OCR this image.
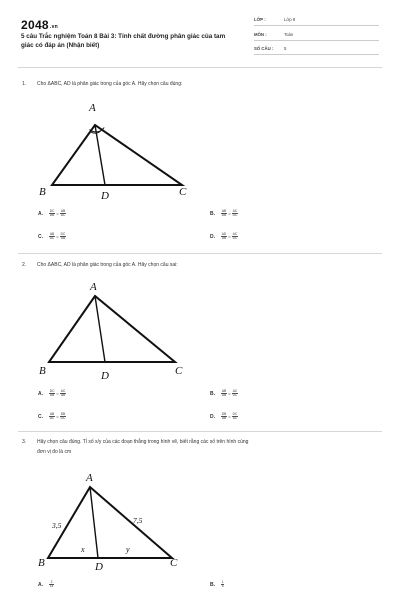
2048.vn
5 câu Trắc nghiệm Toán 8 Bài 3: Tính chất đường phân giác của tam giác có đáp án (Nhận biết)
LỚP :	Lớp 8
MÔN :	Toán
SỐ CÂU : 5
1. Cho ΔABC, AD là phân giác trong của góc A. Hãy chọn câu đúng:
A
B	C
D
A. $\frac{DC}{DB} = \frac{AB}{AC}$	B. $\frac{AB}{DB} = \frac{AC}{DC}$
C. $\frac{AB}{AC} = \frac{DC}{DB}$	D. $\frac{AD}{DB} = \frac{AC}{DC}$
2. Cho ΔABC, AD là phân giác trong của góc A. Hãy chọn câu sai:
A
B	C
D
A. $\frac{DC}{DB} = \frac{AC}{AB}$	B. $\frac{AB}{DB} = \frac{AC}{DC}$
C. $\frac{AB}{AC} = \frac{DB}{DC}$	D. $\frac{DB}{AB} = \frac{DC}{AC}$
3. Hãy chọn câu đúng. Tỉ số x/y của các đoạn thẳng trong hình vẽ, biết rằng các số trên hình cùng
đơn vị đo là cm
A
B	C
D
3,5
7,5
x	y
A. $\frac{2}{15}$	B. $\frac{1}{5}$
